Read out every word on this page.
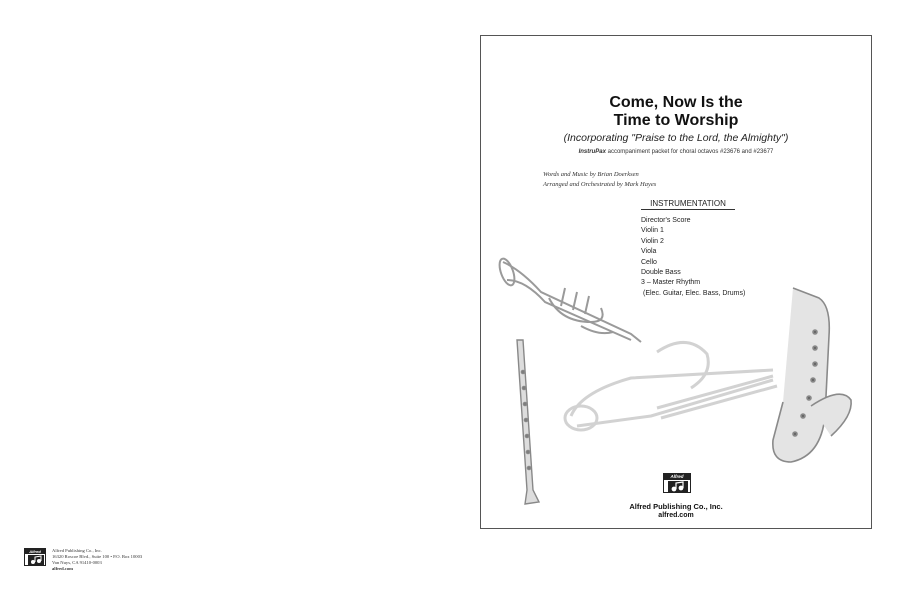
Come, Now Is the
Time to Worship
(Incorporating "Praise to the Lord, the Almighty")
InstruPax accompaniment packet for choral octavos #23676 and #23677
Words and Music by Brian Doerksen
Arranged and Orchestrated by Mark Hayes
INSTRUMENTATION
Director's Score
Violin 1
Violin 2
Viola
Cello
Double Bass
3 – Master Rhythm
(Elec. Guitar, Elec. Bass, Drums)
Alfred
Alfred Publishing Co., Inc.
alfred.com
Alfred	Alfred Publishing Co., Inc.
16320 Roscoe Blvd., Suite 100 • P.O. Box 10003
Van Nuys, CA 91410-0003
alfred.com
